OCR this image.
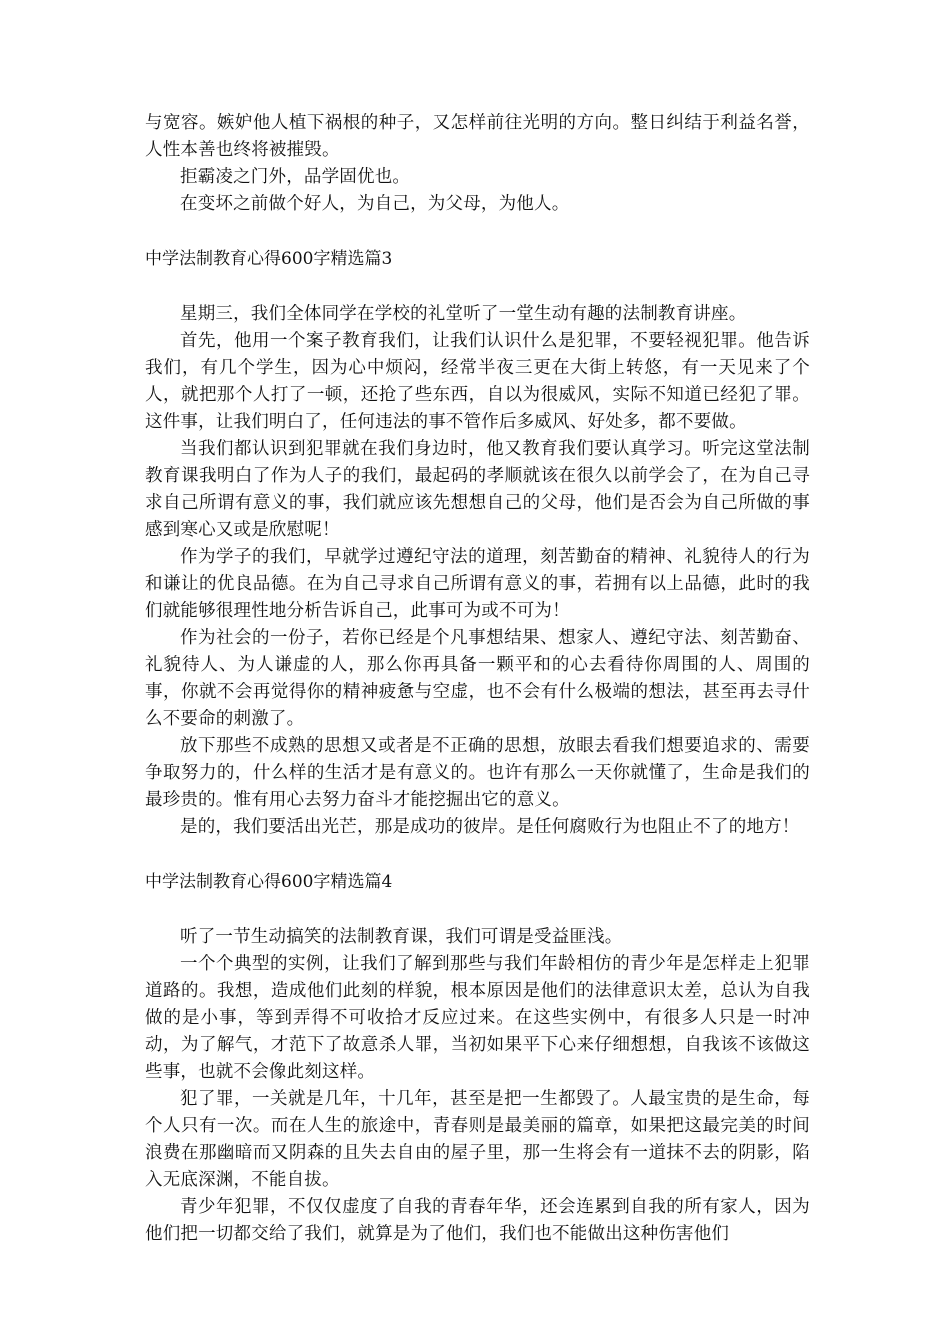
与宽容。嫉妒他人植下祸根的种子，又怎样前往光明的方向。整日纠结于利益名誉，人性本善也终将被摧毁。

拒霸凌之门外，品学固优也。

在变坏之前做个好人，为自己，为父母，为他人。

中学法制教育心得600字精选篇3

星期三，我们全体同学在学校的礼堂听了一堂生动有趣的法制教育讲座。

首先，他用一个案子教育我们，让我们认识什么是犯罪，不要轻视犯罪。他告诉我们，有几个学生，因为心中烦闷，经常半夜三更在大街上转悠，有一天见来了个人，就把那个人打了一顿，还抢了些东西，自以为很威风，实际不知道已经犯了罪。这件事，让我们明白了，任何违法的事不管作后多威风、好处多，都不要做。

当我们都认识到犯罪就在我们身边时，他又教育我们要认真学习。听完这堂法制教育课我明白了作为人子的我们，最起码的孝顺就该在很久以前学会了，在为自己寻求自己所谓有意义的事，我们就应该先想想自己的父母，他们是否会为自己所做的事感到寒心又或是欣慰呢！

作为学子的我们，早就学过遵纪守法的道理，刻苦勤奋的精神、礼貌待人的行为和谦让的优良品德。在为自己寻求自己所谓有意义的事，若拥有以上品德，此时的我们就能够很理性地分析告诉自己，此事可为或不可为！

作为社会的一份子，若你已经是个凡事想结果、想家人、遵纪守法、刻苦勤奋、礼貌待人、为人谦虚的人，那么你再具备一颗平和的心去看待你周围的人、周围的事，你就不会再觉得你的精神疲惫与空虚，也不会有什么极端的想法，甚至再去寻什么不要命的刺激了。

放下那些不成熟的思想又或者是不正确的思想，放眼去看我们想要追求的、需要争取努力的，什么样的生活才是有意义的。也许有那么一天你就懂了，生命是我们的最珍贵的。惟有用心去努力奋斗才能挖掘出它的意义。

是的，我们要活出光芒，那是成功的彼岸。是任何腐败行为也阻止不了的地方！

中学法制教育心得600字精选篇4

听了一节生动搞笑的法制教育课，我们可谓是受益匪浅。

一个个典型的实例，让我们了解到那些与我们年龄相仿的青少年是怎样走上犯罪道路的。我想，造成他们此刻的样貌，根本原因是他们的法律意识太差，总认为自我做的是小事，等到弄得不可收拾才反应过来。在这些实例中，有很多人只是一时冲动，为了解气，才范下了故意杀人罪，当初如果平下心来仔细想想，自我该不该做这些事，也就不会像此刻这样。

犯了罪，一关就是几年，十几年，甚至是把一生都毁了。人最宝贵的是生命，每个人只有一次。而在人生的旅途中，青春则是最美丽的篇章，如果把这最完美的时间浪费在那幽暗而又阴森的且失去自由的屋子里，那一生将会有一道抹不去的阴影，陷入无底深渊，不能自拔。

青少年犯罪，不仅仅虚度了自我的青春年华，还会连累到自我的所有家人，因为他们把一切都交给了我们，就算是为了他们，我们也不能做出这种伤害他们
